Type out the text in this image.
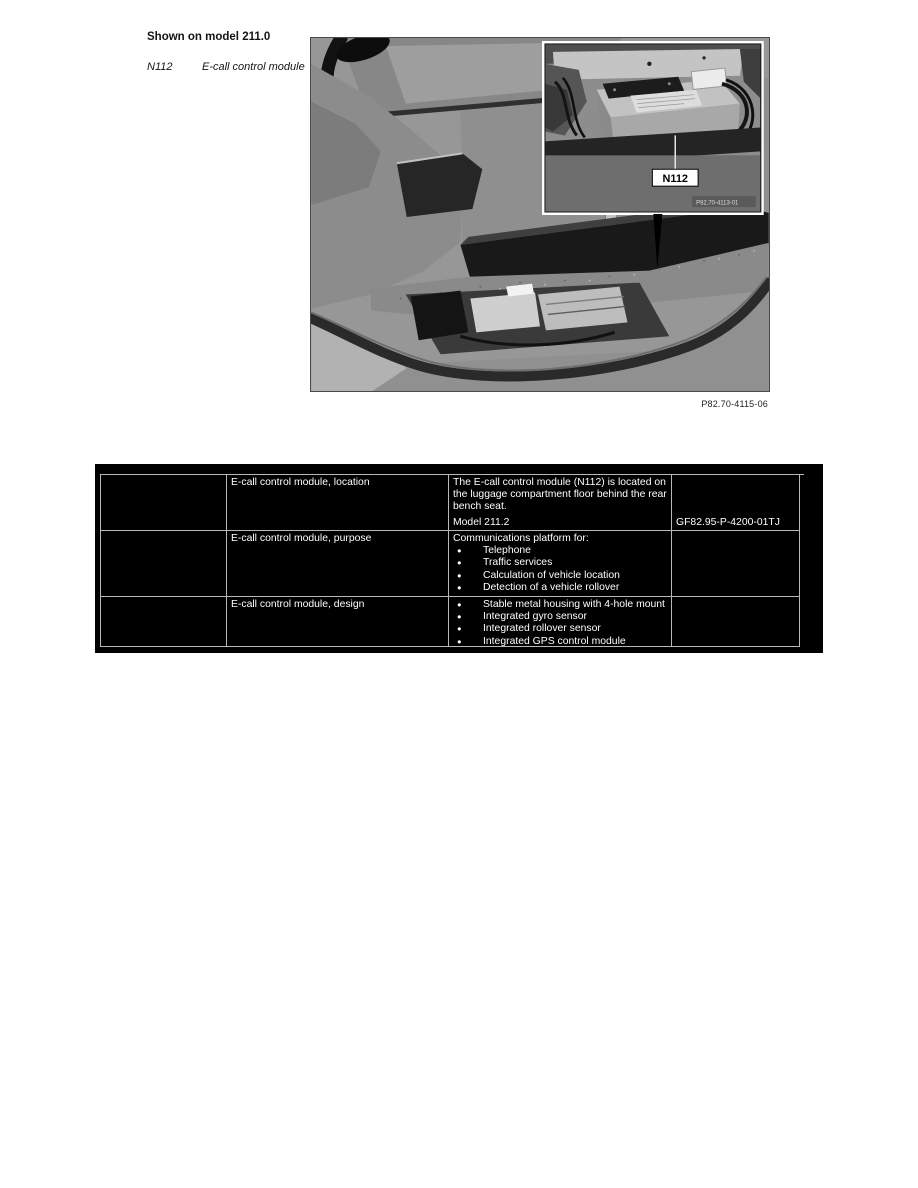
Shown on model 211.0
N112	E-call control module
N112
P82.70-4113-01
P82.70-4115-06
E-call control module, location	The E-call control module (N112) is located on the luggage compartment floor behind the rear bench seat.
Model 211.2	GF82.95-P-4200-01TJ
E-call control module, purpose	Communications platform for:
●	Telephone
●	Traffic services
●	Calculation of vehicle location
●	Detection of a vehicle rollover
E-call control module, design	●	Stable metal housing with 4-hole mount
●	Integrated gyro sensor
●	Integrated rollover sensor
●	Integrated GPS control module
